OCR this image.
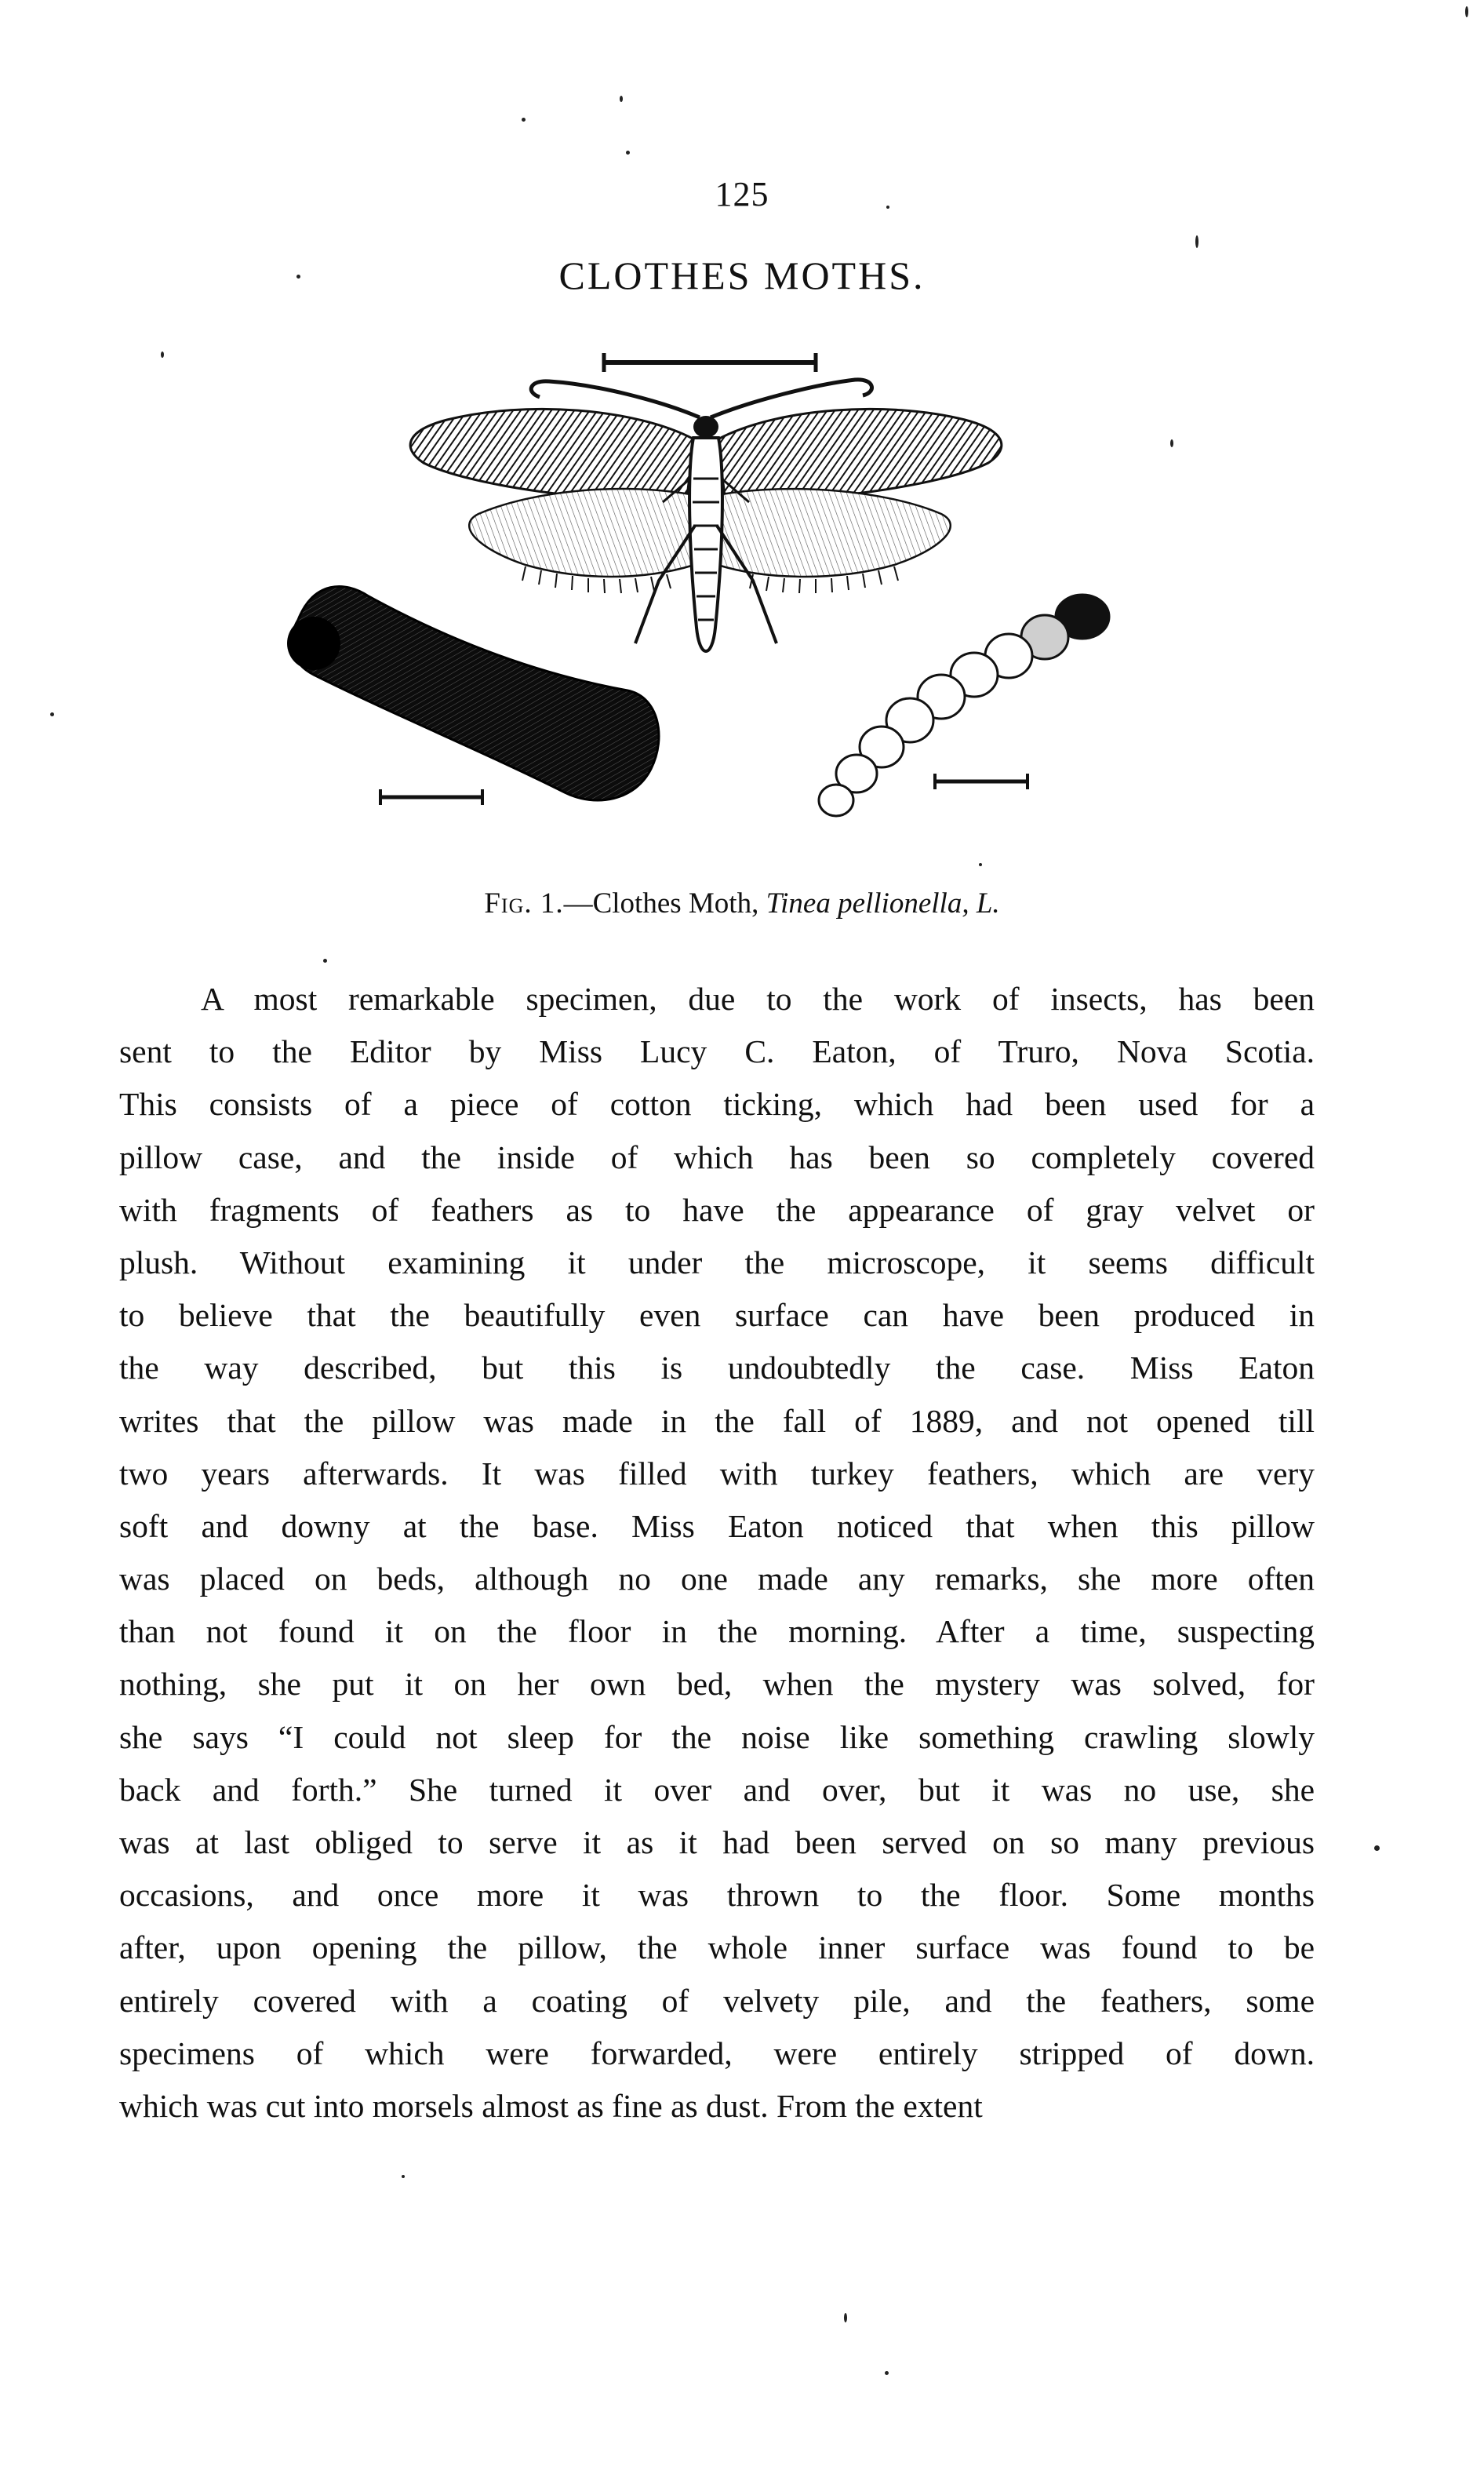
125
CLOTHES MOTHS.
Fig. 1.—Clothes Moth, Tinea pellionella, L.
A most remarkable specimen, due to the work of insects, has been
sent to the Editor by Miss Lucy C. Eaton, of Truro, Nova Scotia.
This consists of a piece of cotton ticking, which had been used for a
pillow case, and the inside of which has been so completely covered
with fragments of feathers as to have the appearance of gray velvet or
plush. Without examining it under the microscope, it seems difficult
to believe that the beautifully even surface can have been produced in
the way described, but this is undoubtedly the case. Miss Eaton
writes that the pillow was made in the fall of 1889, and not opened till
two years afterwards. It was filled with turkey feathers, which are very
soft and downy at the base. Miss Eaton noticed that when this pillow
was placed on beds, although no one made any remarks, she more often
than not found it on the floor in the morning. After a time, suspecting
nothing, she put it on her own bed, when the mystery was solved, for
she says “I could not sleep for the noise like something crawling slowly
back and forth.” She turned it over and over, but it was no use, she
was at last obliged to serve it as it had been served on so many previous
occasions, and once more it was thrown to the floor. Some months
after, upon opening the pillow, the whole inner surface was found to be
entirely covered with a coating of velvety pile, and the feathers, some
specimens of which were forwarded, were entirely stripped of down.
which was cut into morsels almost as fine as dust. From the extent
